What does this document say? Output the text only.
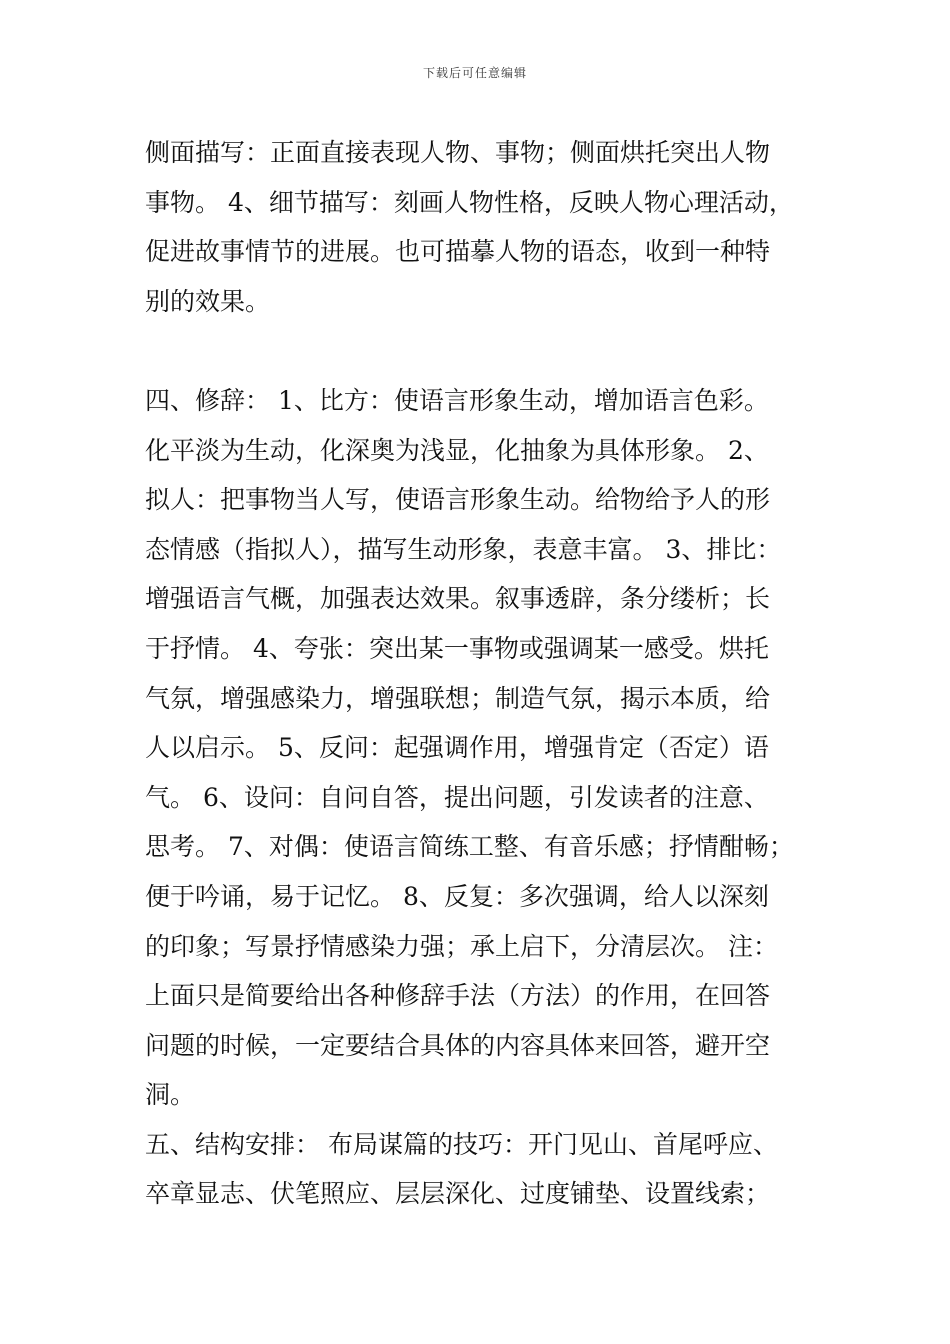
下载后可任意编辑
侧面描写：正面直接表现人物、事物；侧面烘托突出人物
事物。 4、细节描写：刻画人物性格，反映人物心理活动，
促进故事情节的进展。也可描摹人物的语态，收到一种特
别的效果。
四、修辞： 1、比方：使语言形象生动，增加语言色彩。
化平淡为生动，化深奥为浅显，化抽象为具体形象。 2、
拟人：把事物当人写，使语言形象生动。给物给予人的形
态情感（指拟人），描写生动形象，表意丰富。 3、排比：
增强语言气概，加强表达效果。叙事透辟，条分缕析；长
于抒情。 4、夸张：突出某一事物或强调某一感受。烘托
气氛，增强感染力，增强联想；制造气氛，揭示本质，给
人以启示。 5、反问：起强调作用，增强肯定（否定）语
气。 6、设问：自问自答，提出问题，引发读者的注意、
思考。 7、对偶：使语言简练工整、有音乐感；抒情酣畅；
便于吟诵，易于记忆。 8、反复：多次强调，给人以深刻
的印象；写景抒情感染力强；承上启下，分清层次。 注：
上面只是简要给出各种修辞手法（方法）的作用，在回答
问题的时候，一定要结合具体的内容具体来回答，避开空
洞。
五、结构安排： 布局谋篇的技巧：开门见山、首尾呼应、
卒章显志、伏笔照应、层层深化、过度铺垫、设置线索；
